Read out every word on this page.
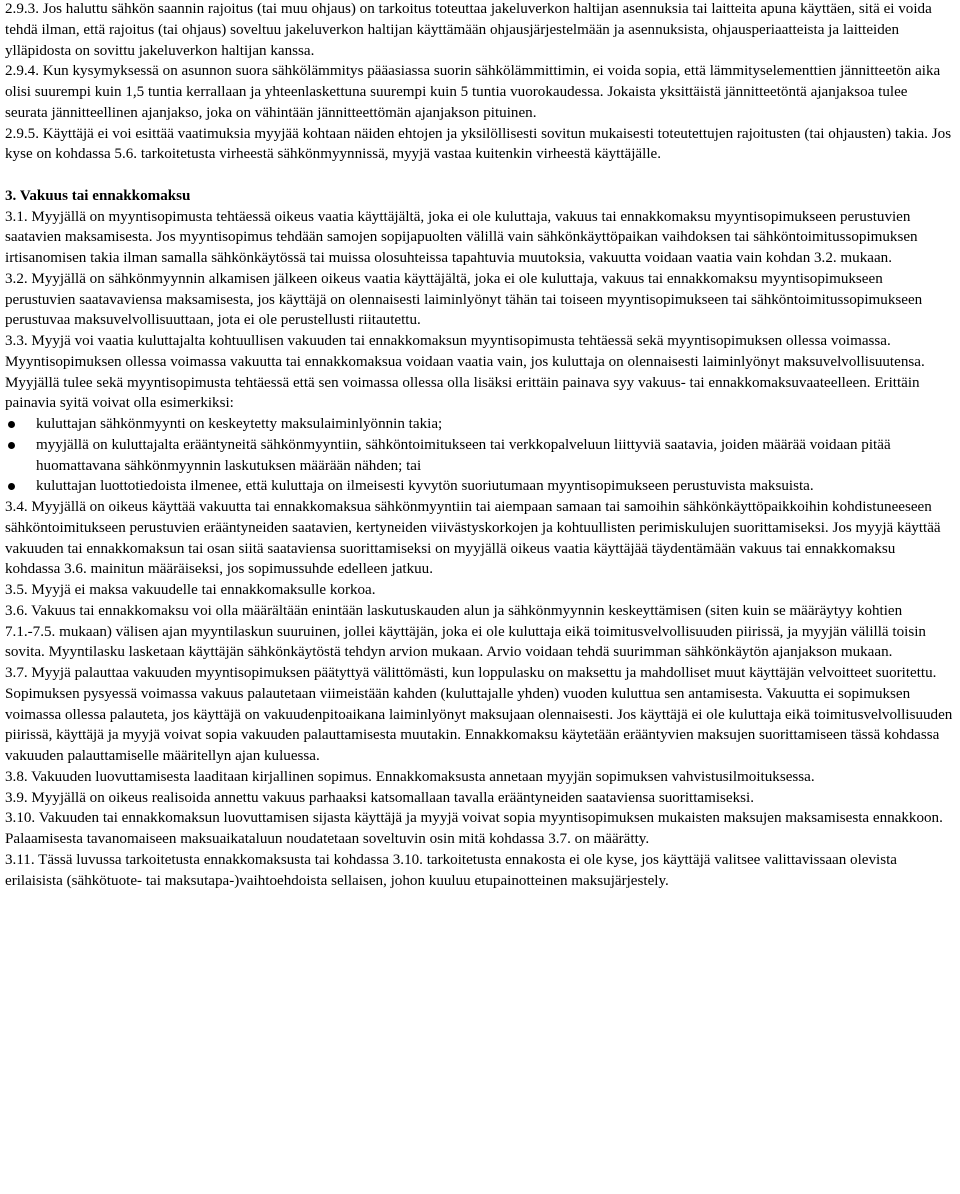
2.9.3. Jos haluttu sähkön saannin rajoitus (tai muu ohjaus) on tarkoitus toteuttaa jakeluverkon haltijan asennuksia tai laitteita apuna käyttäen, sitä ei voida tehdä ilman, että rajoitus (tai ohjaus) soveltuu jakeluverkon haltijan käyttämään ohjausjärjestelmään ja asennuksista, ohjausperiaatteista ja laitteiden ylläpidosta on sovittu jakeluverkon haltijan kanssa.

2.9.4. Kun kysymyksessä on asunnon suora sähkölämmitys pääasiassa suorin sähkölämmittimin, ei voida sopia, että lämmityselementtien jännitteetön aika olisi suurempi kuin 1,5 tuntia kerrallaan ja yhteenlaskettuna suurempi kuin 5 tuntia vuorokaudessa. Jokaista yksittäistä jännitteetöntä ajanjaksoa tulee seurata jännitteellinen ajanjakso, joka on vähintään jännitteettömän ajanjakson pituinen.

2.9.5. Käyttäjä ei voi esittää vaatimuksia myyjää kohtaan näiden ehtojen ja yksilöllisesti sovitun mukaisesti toteutettujen rajoitusten (tai ohjausten) takia. Jos kyse on kohdassa 5.6. tarkoitetusta virheestä sähkönmyynnissä, myyjä vastaa kuitenkin virheestä käyttäjälle.

3. Vakuus tai ennakkomaksu

3.1. Myyjällä on myyntisopimusta tehtäessä oikeus vaatia käyttäjältä, joka ei ole kuluttaja, vakuus tai ennakkomaksu myyntisopimukseen perustuvien saatavien maksamisesta. Jos myyntisopimus tehdään samojen sopijapuolten välillä vain sähkönkäyttöpaikan vaihdoksen tai sähköntoimitussopimuksen irtisanomisen takia ilman samalla sähkönkäytössä tai muissa olosuhteissa tapahtuvia muutoksia, vakuutta voidaan vaatia vain kohdan 3.2. mukaan.

3.2. Myyjällä on sähkönmyynnin alkamisen jälkeen oikeus vaatia käyttäjältä, joka ei ole kuluttaja, vakuus tai ennakkomaksu myyntisopimukseen perustuvien saatavaviensa maksamisesta, jos käyttäjä on olennaisesti laiminlyönyt tähän tai toiseen myyntisopimukseen tai sähköntoimitussopimukseen perustuvaa maksuvelvollisuuttaan, jota ei ole perustellusti riitautettu.

3.3. Myyjä voi vaatia kuluttajalta kohtuullisen vakuuden tai ennakkomaksun myyntisopimusta tehtäessä sekä myyntisopimuksen ollessa voimassa. Myyntisopimuksen ollessa voimassa vakuutta tai ennakkomaksua voidaan vaatia vain, jos kuluttaja on olennaisesti laiminlyönyt maksuvelvollisuutensa. Myyjällä tulee sekä myyntisopimusta tehtäessä että sen voimassa ollessa olla lisäksi erittäin painava syy vakuus- tai ennakkomaksuvaateelleen. Erittäin painavia syitä voivat olla esimerkiksi:

kuluttajan sähkönmyynti on keskeytetty maksulaiminlyönnin takia;
myyjällä on kuluttajalta erääntyneitä sähkönmyyntiin, sähköntoimitukseen tai verkkopalveluun liittyviä saatavia, joiden määrää voidaan pitää huomattavana sähkönmyynnin laskutuksen määrään nähden; tai
kuluttajan luottotiedoista ilmenee, että kuluttaja on ilmeisesti kyvytön suoriutumaan myyntisopimukseen perustuvista maksuista.

3.4. Myyjällä on oikeus käyttää vakuutta tai ennakkomaksua sähkönmyyntiin tai aiempaan samaan tai samoihin sähkönkäyttöpaikkoihin kohdistuneeseen sähköntoimitukseen perustuvien erääntyneiden saatavien, kertyneiden viivästyskorkojen ja kohtuullisten perimiskulujen suorittamiseksi. Jos myyjä käyttää vakuuden tai ennakkomaksun tai osan siitä saataviensa suorittamiseksi on myyjällä oikeus vaatia käyttäjää täydentämään vakuus tai ennakkomaksu kohdassa 3.6. mainitun määräiseksi, jos sopimussuhde edelleen jatkuu.

3.5. Myyjä ei maksa vakuudelle tai ennakkomaksulle korkoa.

3.6. Vakuus tai ennakkomaksu voi olla määrältään enintään laskutuskauden alun ja sähkönmyynnin keskeyttämisen (siten kuin se määräytyy kohtien 7.1.-7.5. mukaan) välisen ajan myyntilaskun suuruinen, jollei käyttäjän, joka ei ole kuluttaja eikä toimitusvelvollisuuden piirissä, ja myyjän välillä toisin sovita. Myyntilasku lasketaan käyttäjän sähkönkäytöstä tehdyn arvion mukaan. Arvio voidaan tehdä suurimman sähkönkäytön ajanjakson mukaan.

3.7. Myyjä palauttaa vakuuden myyntisopimuksen päätyttyä välittömästi, kun loppulasku on maksettu ja mahdolliset muut käyttäjän velvoitteet suoritettu. Sopimuksen pysyessä voimassa vakuus palautetaan viimeistään kahden (kuluttajalle yhden) vuoden kuluttua sen antamisesta. Vakuutta ei sopimuksen voimassa ollessa palauteta, jos käyttäjä on vakuudenpitoaikana laiminlyönyt maksujaan olennaisesti. Jos käyttäjä ei ole kuluttaja eikä toimitusvelvollisuuden piirissä, käyttäjä ja myyjä voivat sopia vakuuden palauttamisesta muutakin. Ennakkomaksu käytetään erääntyvien maksujen suorittamiseen tässä kohdassa vakuuden palauttamiselle määritellyn ajan kuluessa.

3.8. Vakuuden luovuttamisesta laaditaan kirjallinen sopimus. Ennakkomaksusta annetaan myyjän sopimuksen vahvistusilmoituksessa.

3.9. Myyjällä on oikeus realisoida annettu vakuus parhaaksi katsomallaan tavalla erääntyneiden saataviensa suorittamiseksi.

3.10. Vakuuden tai ennakkomaksun luovuttamisen sijasta käyttäjä ja myyjä voivat sopia myyntisopimuksen mukaisten maksujen maksamisesta ennakkoon. Palaamisesta tavanomaiseen maksuaikataluun noudatetaan soveltuvin osin mitä kohdassa 3.7. on määrätty.

3.11. Tässä luvussa tarkoitetusta ennakkomaksusta tai kohdassa 3.10. tarkoitetusta ennakosta ei ole kyse, jos käyttäjä valitsee valittavissaan olevista erilaisista (sähkötuote- tai maksutapa-)vaihtoehdoista sellaisen, johon kuuluu etupainotteinen maksujärjestely.
